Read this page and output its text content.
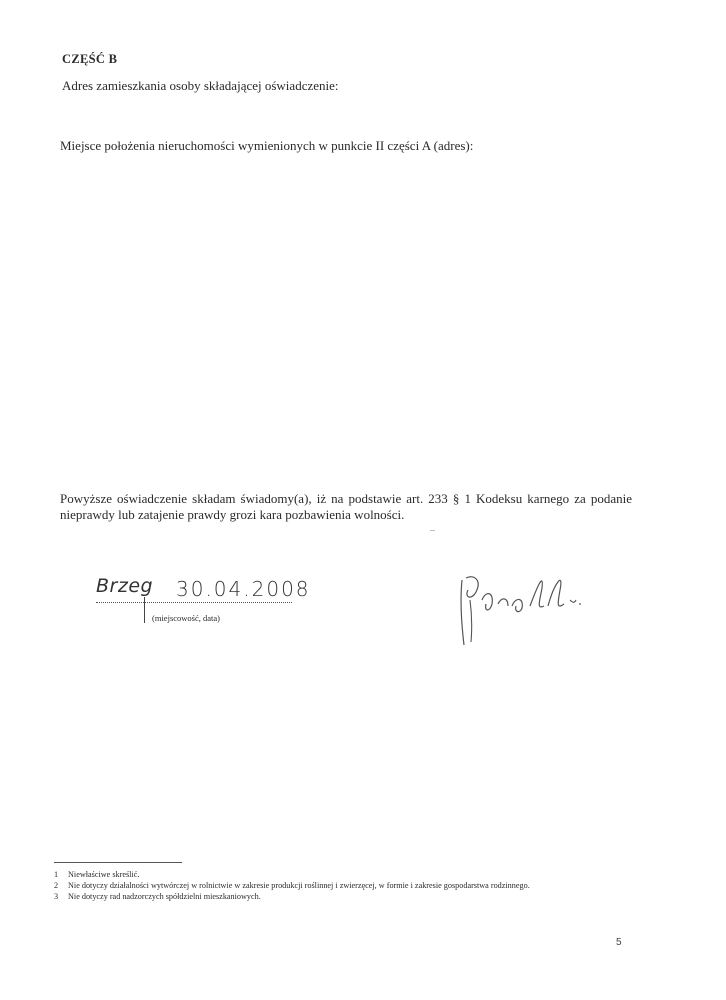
CZĘŚĆ B
Adres zamieszkania osoby składającej oświadczenie:
Miejsce położenia nieruchomości wymienionych w punkcie II części A (adres):

Powyższe oświadczenie składam świadomy(a), iż na podstawie art. 233 § 1 Kodeksu karnego za podanie nieprawdy lub zatajenie prawdy grozi kara pozbawienia wolności.

Brzeg 30.04.2008
(miejscowość, data)
1 Niewłaściwe skreślić.
2 Nie dotyczy działalności wytwórczej w rolnictwie w zakresie produkcji roślinnej i zwierzęcej, w formie i zakresie gospodarstwa rodzinnego.
3 Nie dotyczy rad nadzorczych spółdzielni mieszkaniowych.
5
